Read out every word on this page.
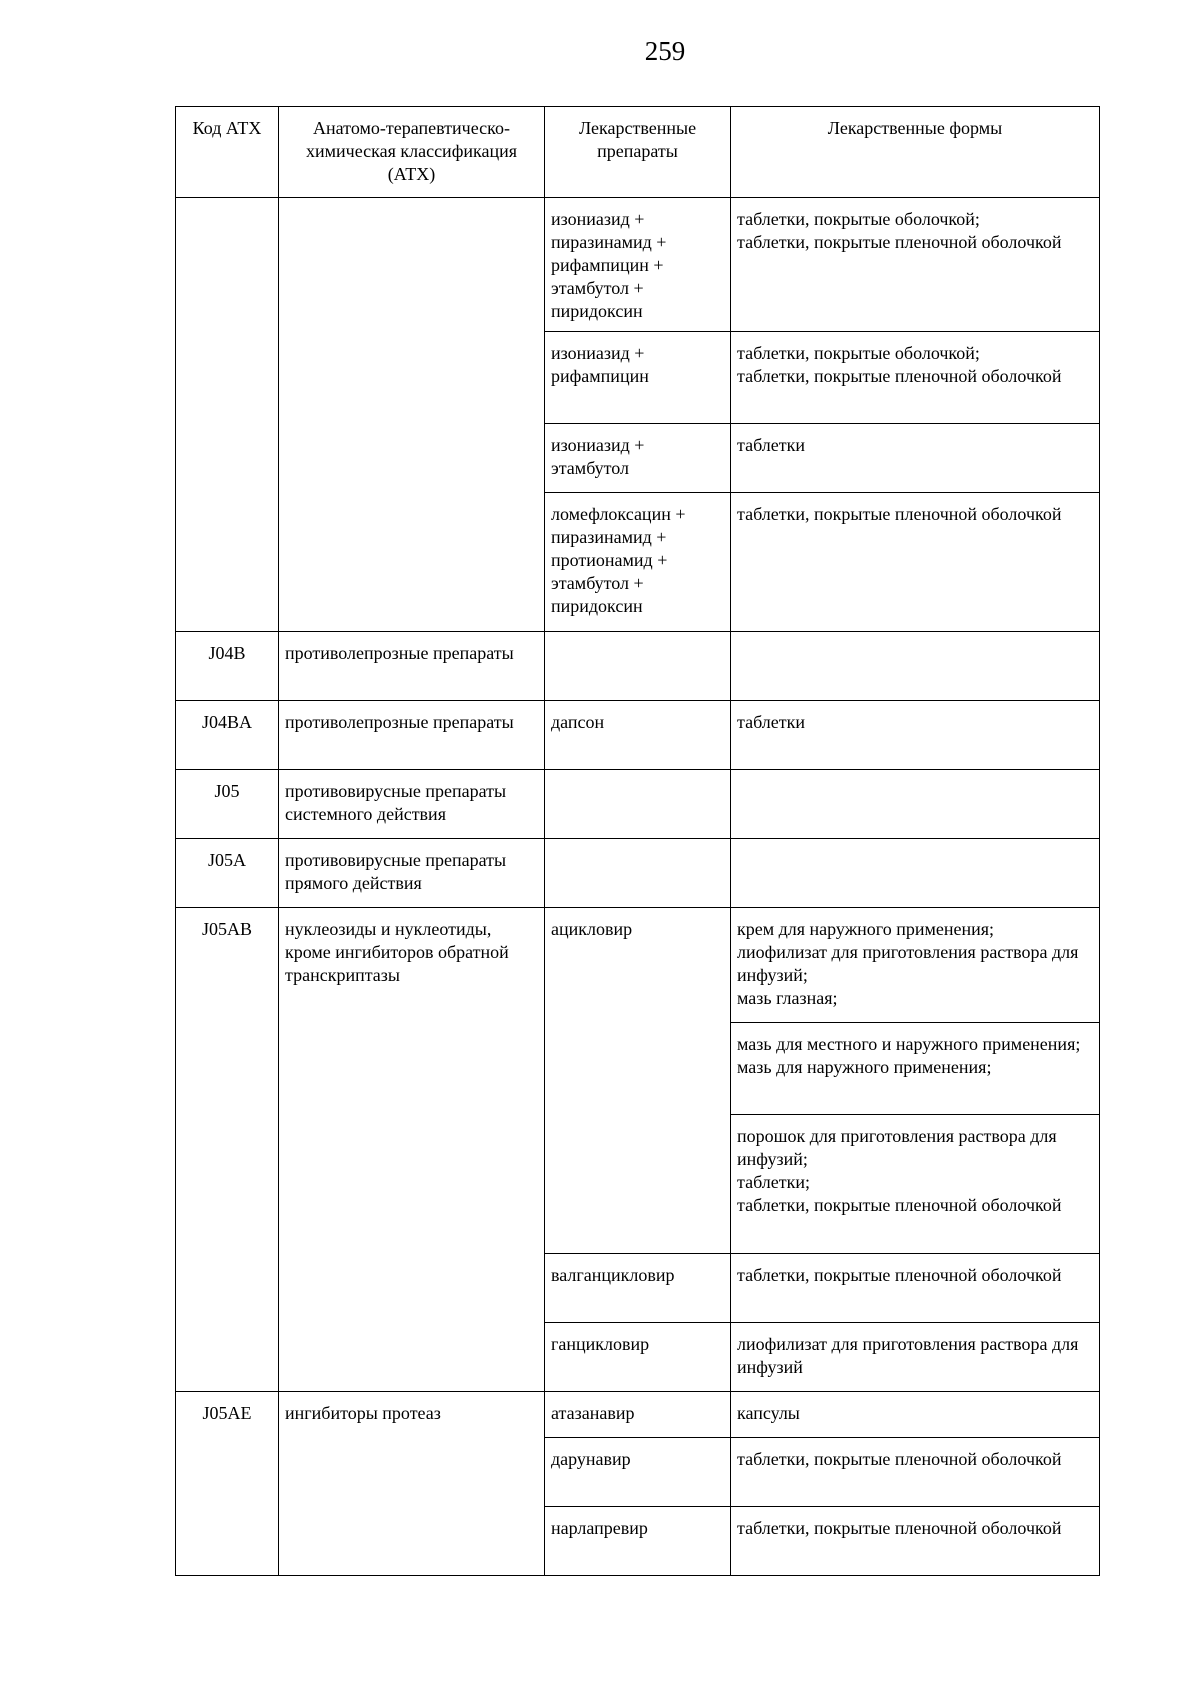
259
Код АТХ	Анатомо-терапевтическо-химическая классификация (АТХ)	Лекарственные препараты	Лекарственные формы
		изониазид + пиразинамид + рифампицин + этамбутол + пиридоксин	таблетки, покрытые оболочкой;
таблетки, покрытые пленочной оболочкой

		изониазид + рифампицин	таблетки, покрытые оболочкой;
таблетки, покрытые пленочной оболочкой

		изониазид + этамбутол	таблетки

		ломефлоксацин + пиразинамид + протионамид + этамбутол + пиридоксин	таблетки, покрытые пленочной оболочкой

J04B	противолепрозные препараты		
J04BA	противолепрозные препараты	дапсон	таблетки

J05	противовирусные препараты системного действия		
J05A	противовирусные препараты прямого действия		
J05AB	нуклеозиды и нуклеотиды, кроме ингибиторов обратной транскриптазы	ацикловир	крем для наружного применения;
лиофилизат для приготовления раствора для инфузий;
мазь глазная;

			мазь для местного и наружного применения;
мазь для наружного применения;

			порошок для приготовления раствора для инфузий;
таблетки;
таблетки, покрытые пленочной оболочкой

		валганцикловир	таблетки, покрытые пленочной оболочкой

		ганцикловир	лиофилизат для приготовления раствора для инфузий

J05AE	ингибиторы протеаз	атазанавир	капсулы

		дарунавир	таблетки, покрытые пленочной оболочкой

		нарлапревир	таблетки, покрытые пленочной оболочкой
